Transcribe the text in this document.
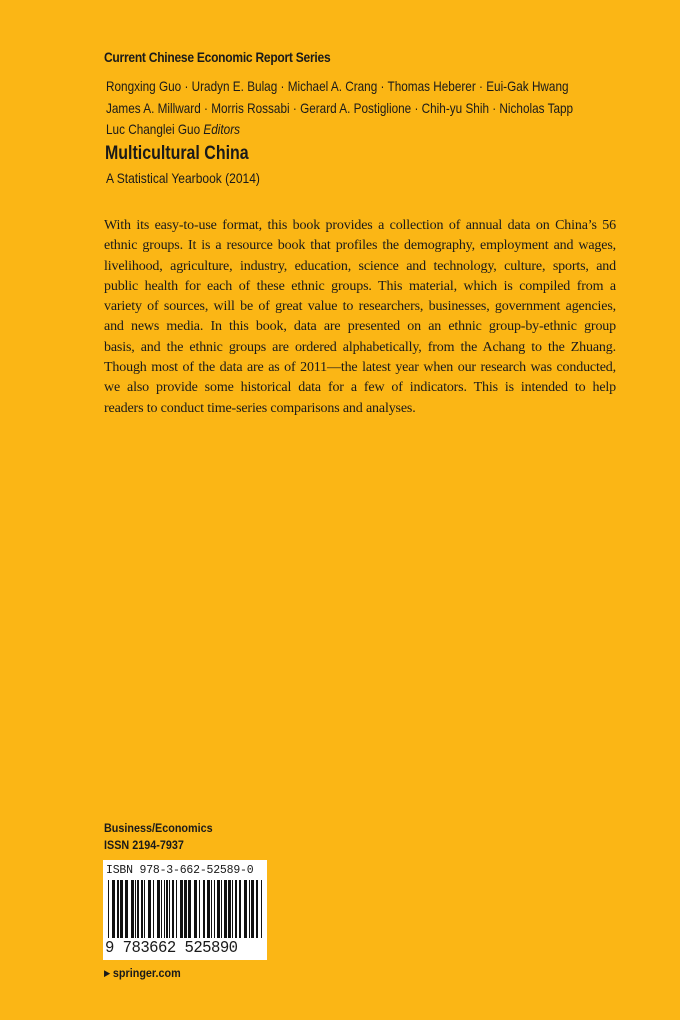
Current Chinese Economic Report Series
Rongxing Guo · Uradyn E. Bulag · Michael A. Crang · Thomas Heberer · Eui-Gak Hwang
James A. Millward · Morris Rossabi · Gerard A. Postiglione · Chih-yu Shih · Nicholas Tapp
Luc Changlei Guo Editors
Multicultural China
A Statistical Yearbook (2014)
With its easy-to-use format, this book provides a collection of annual data on China’s 56
ethnic groups. It is a resource book that profiles the demography, employment and wages,
livelihood, agriculture, industry, education, science and technology, culture, sports, and
public health for each of these ethnic groups. This material, which is compiled from a
variety of sources, will be of great value to researchers, businesses, government agencies,
and news media. In this book, data are presented on an ethnic group-by-ethnic group
basis, and the ethnic groups are ordered alphabetically, from the Achang to the Zhuang.
Though most of the data are as of 2011—the latest year when our research was conducted,
we also provide some historical data for a few of indicators. This is intended to help
readers to conduct time-series comparisons and analyses.
Business/Economics
ISSN 2194-7937
ISBN 978-3-662-52589-0
9 783662 525890
▶ springer.com
